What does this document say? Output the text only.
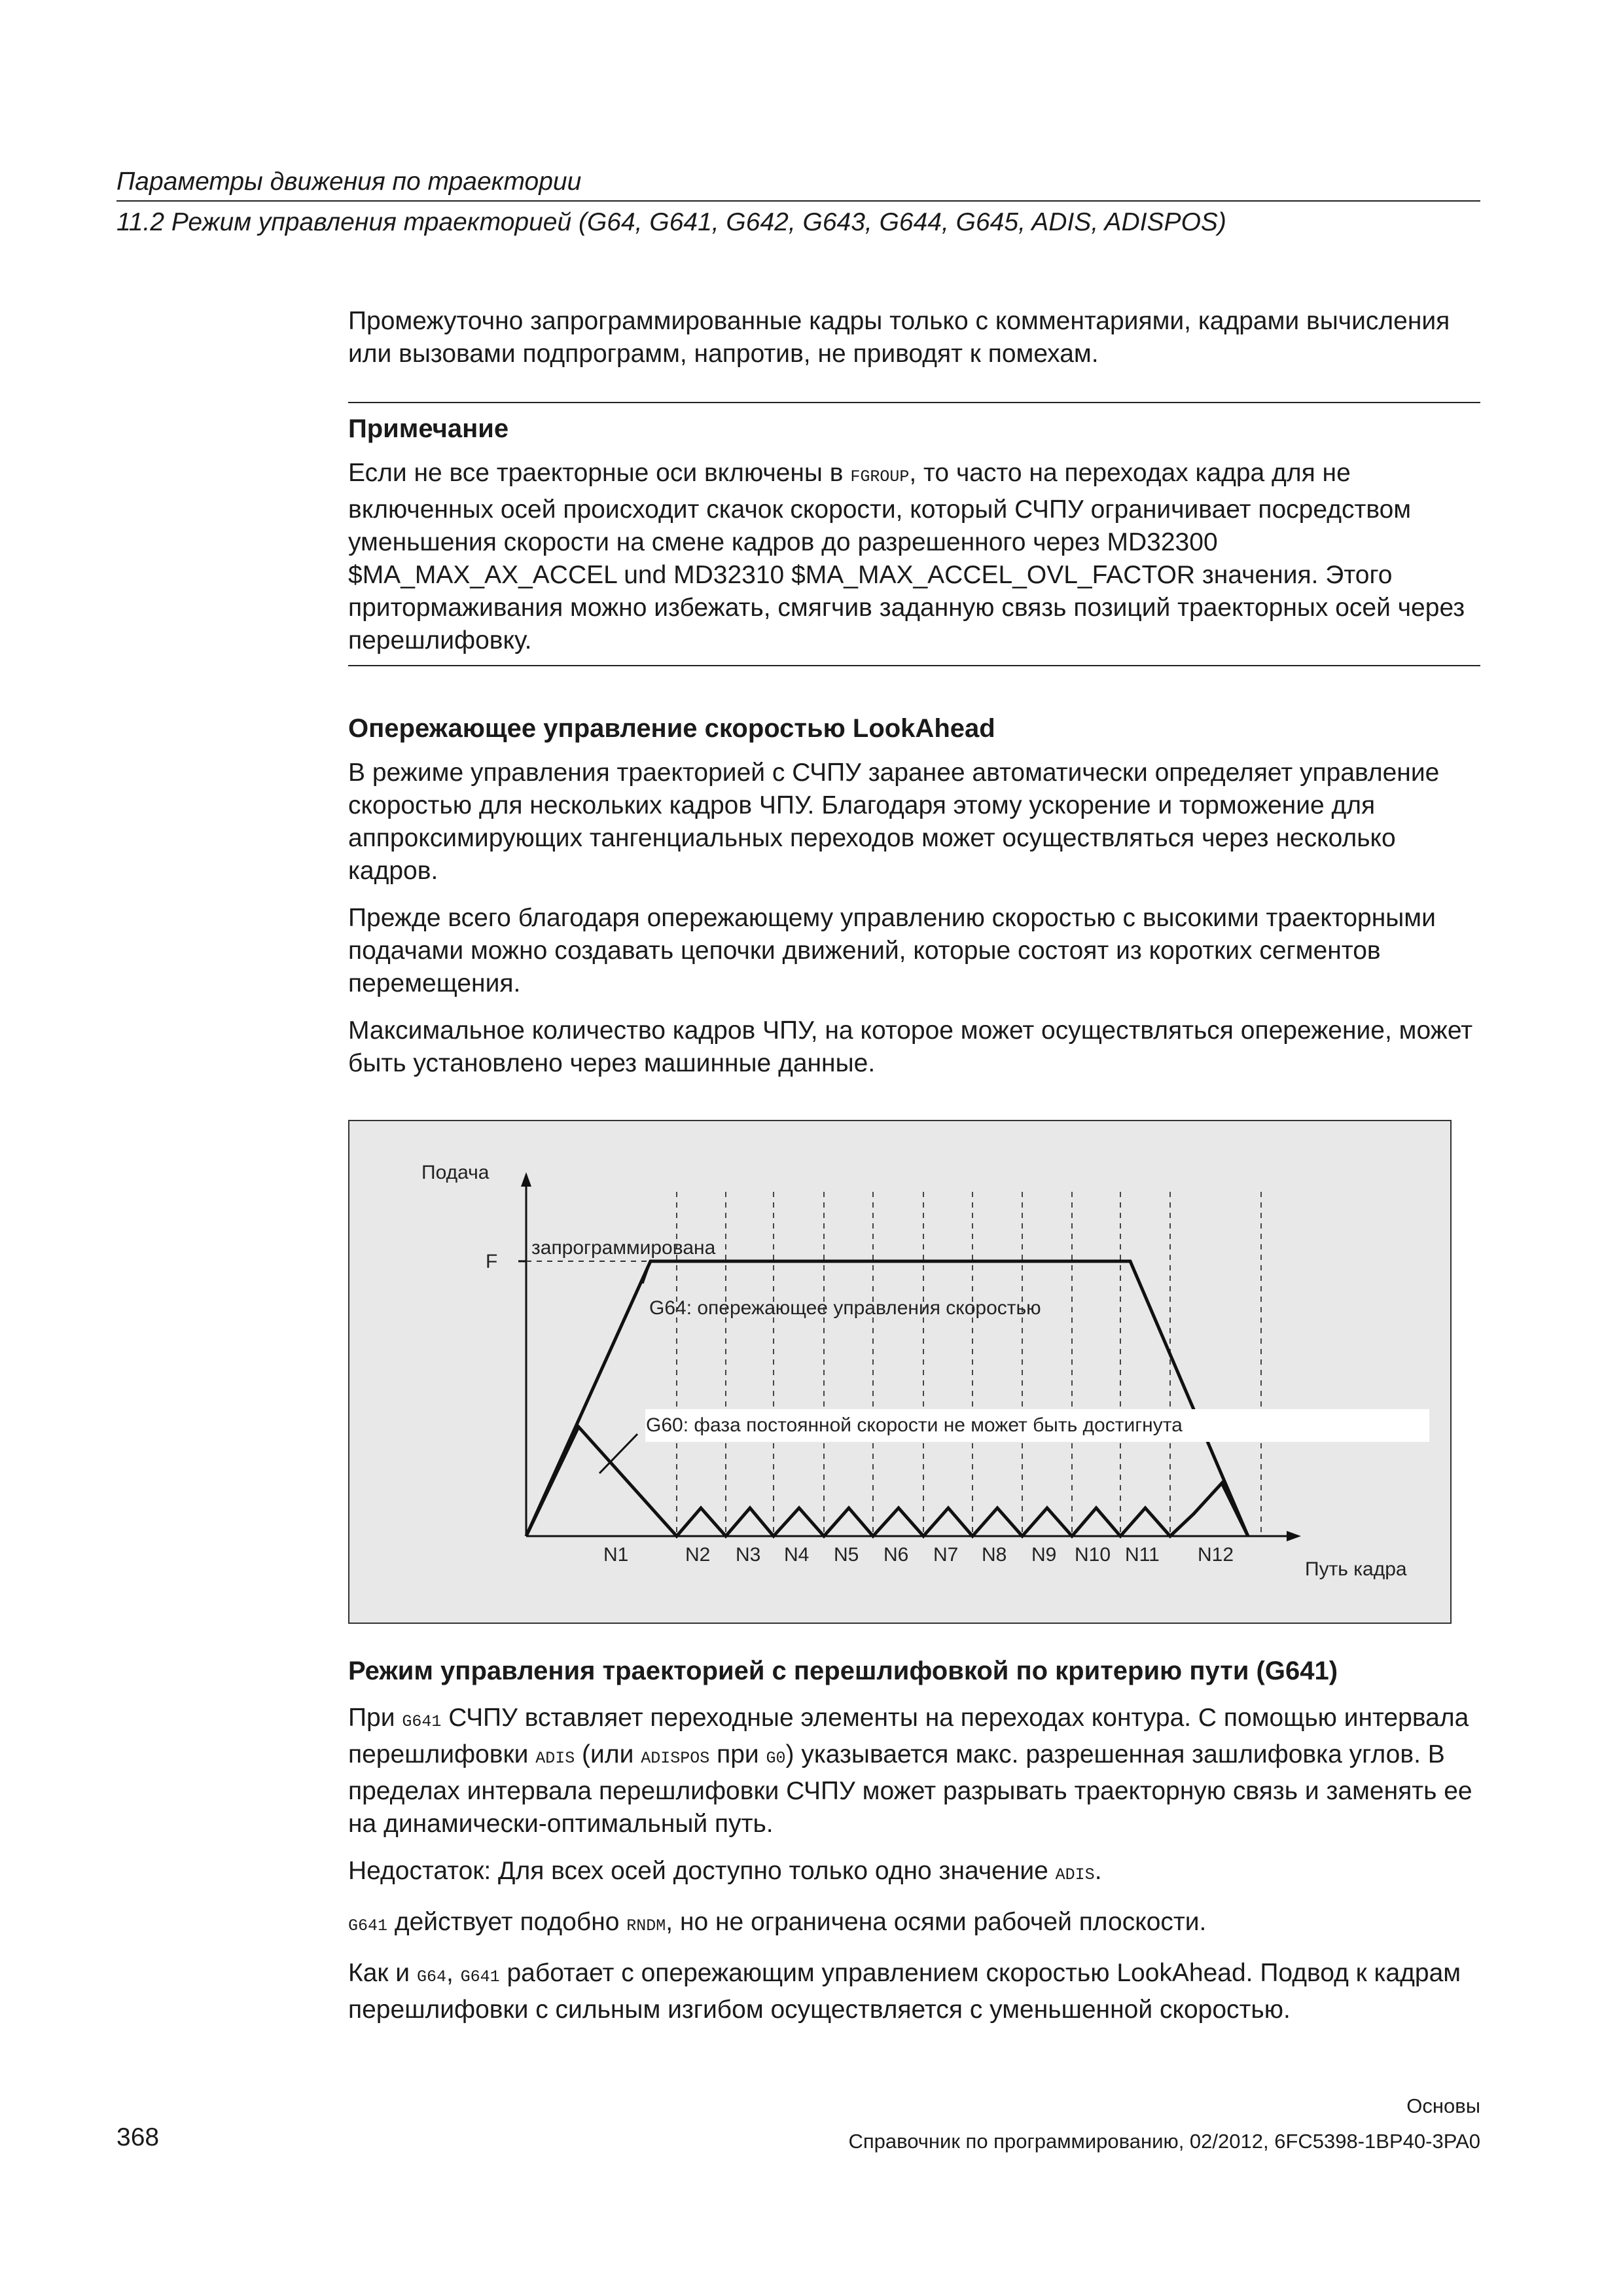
Параметры движения по траектории
11.2 Режим управления траекторией (G64, G641, G642, G643, G644, G645, ADIS, ADISPOS)

Промежуточно запрограммированные кадры только с комментариями, кадрами вычисления или вызовами подпрограмм, напротив, не приводят к помехам.

Примечание

Если не все траекторные оси включены в FGROUP, то часто на переходах кадра для не включенных осей происходит скачок скорости, который СЧПУ ограничивает посредством уменьшения скорости на смене кадров до разрешенного через MD32300 $MA_MAX_AX_ACCEL und MD32310 $MA_MAX_ACCEL_OVL_FACTOR значения. Этого притормаживания можно избежать, смягчив заданную связь позиций траекторных осей через перешлифовку.

Опережающее управление скоростью LookAhead

В режиме управления траекторией с СЧПУ заранее автоматически определяет управление скоростью для нескольких кадров ЧПУ. Благодаря этому ускорение и торможение для аппроксимирующих тангенциальных переходов может осуществляться через несколько кадров.

Прежде всего благодаря опережающему управлению скоростью с высокими траекторными подачами можно создавать цепочки движений, которые состоят из коротких сегментов перемещения.

Максимальное количество кадров ЧПУ, на которое может осуществляться опережение, может быть установлено через машинные данные.

Подача
F
запрограммирована
G64: опережающее управления скоростью
G60: фаза постоянной скорости не может быть достигнута
Путь кадра
N1	N2 N3 N4 N5 N6 N7 N8 N9 N10 N11 N12

Режим управления траекторией с перешлифовкой по критерию пути (G641)

При G641 СЧПУ вставляет переходные элементы на переходах контура. С помощью интервала перешлифовки ADIS (или ADISPOS при G0) указывается макс. разрешенная зашлифовка углов. В пределах интервала перешлифовки СЧПУ может разрывать траекторную связь и заменять ее на динамически-оптимальный путь.

Недостаток: Для всех осей доступно только одно значение ADIS.

G641 действует подобно RNDM, но не ограничена осями рабочей плоскости.

Как и G64, G641 работает с опережающим управлением скоростью LookAhead. Подвод к кадрам перешлифовки с сильным изгибом осуществляется с уменьшенной скоростью.

Основы
368	Справочник по программированию, 02/2012, 6FC5398-1BP40-3PA0
